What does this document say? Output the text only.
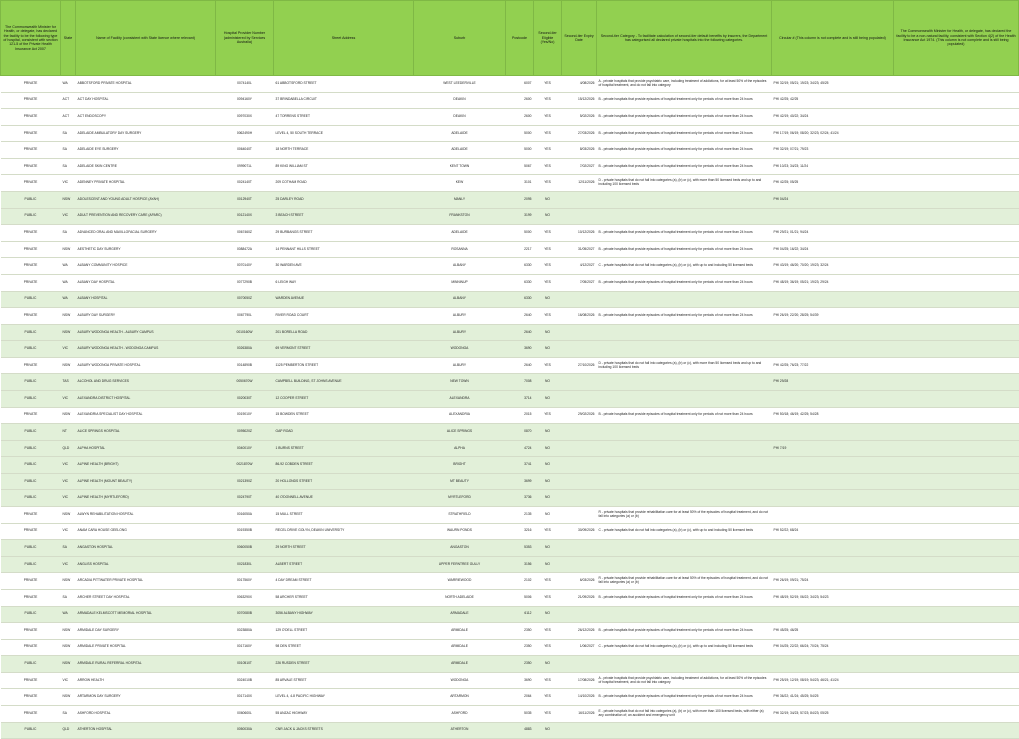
The Commonwealth Minister for Health, or delegate, has declared the facility to be the following type of hospital, consistent with section 121-5 of the Private Health Insurance Act 2007	State	Name of Facility (consistent with State licence where relevant)	Hospital Provider Number (administered by Services Australia)	Street Address	Suburb	Postcode	Second-tier Eligible (Yes/No)	Second-tier Expiry Date	Second-tier Category - To facilitate calculation of second-tier default benefits by insurers, the Department has categorised all declared private hospitals into the following categories.	Circular # (This column is not complete and is still being populated)	The Commonwealth Minister for Health, or delegate, has declared the facility to be a non-natural facility, consistent with Section 4(2) of the Health Insurance Act 1974. (This column is not complete and is still being populated)
PRIVATE	WA	ABBOTSFORD PRIVATE HOSPITAL	0074140L	61 ABBOTSFORD STREET	WEST LEEDERVILLE	6007	YES	4/08/2026	A - private hospitals that provide psychiatric care, including treatment of addictions, for at least 50% of the episodes of hospital treatment, and do not fall into category	PHI 32/19; 05/21; 19/23; 34/23; 45/25	
PRIVATE	ACT	ACT DAY HOSPITAL	0094160Y	37 BRINDABELLA CIRCUIT	DEAKIN	2600	YES	15/12/2026	B - private hospitals that provide episodes of hospital treatment only for periods of not more than 24 hours	PHI 42/25; 42/25	
PRIVATE	ACT	ACT ENDOSCOPY	0097030X	47 TORRENS STREET	DEAKIN	2600	YES	5/02/2026	B - private hospitals that provide episodes of hospital treatment only for periods of not more than 24 hours	PHI 42/19; 40/22; 34/24	
PRIVATE	SA	ADELAIDE AMBULATORY DAY SURGERY	0062490H	LEVEL 4, 50 SOUTH TERRACE	ADELAIDE	5000	YES	27/03/2026	B - private hospitals that provide episodes of hospital treatment only for periods of not more than 24 hours	PHI 17/19; 06/19; 08/20; 32/23; 02/24; 41/24	
PRIVATE	SA	ADELAIDE EYE SURGERY	0064040T	18 NORTH TERRACE	ADELAIDE	5000	YES	8/03/2026	B - private hospitals that provide episodes of hospital treatment only for periods of not more than 24 hours	PHI 32/19; 07/21; 79/23	
PRIVATE	SA	ADELAIDE SKIN CENTRE	0999071L	89 KING WILLIAM ST	KENT TOWN	5067	YES	7/02/2027	B - private hospitals that provide episodes of hospital treatment only for periods of not more than 24 hours	PHI 10/23; 34/23; 11/24	
PRIVATE	VIC	ADENNEY PRIVATE HOSPITAL	0024140T	209 COTHAM ROAD	KEW	3101	YES	12/11/2026	D - private hospitals that do not fall into categories (a), (b) or (c), with more than 50 licensed beds and up to and including 100 licensed beds	PHI 42/25; 05/25	
PUBLIC	NSW	ADOLESCENT AND YOUNG ADULT HOSPICE (AYAH)	0012940T	25 DARLEY ROAD	MANLY	2095	NO			PHI 04/24	
PUBLIC	VIC	ADULT PREVENTION AND RECOVERY CARE (APARC)	0012140X	3 BEACH STREET	FRANKSTON	3199	NO				
PRIVATE	SA	ADVANCED ORAL AND MAXILLOFACIAL SURGERY	0067460Z	29 BURBANGS STREET	ADELAIDE	5000	YES	10/12/2026	B - private hospitals that provide episodes of hospital treatment only for periods of not more than 24 hours	PHI 29/21; 01/21; 94/24	
PRIVATE	NSW	AESTHETIC DAY SURGERY	0088472A	14 PENNANT HILLS STREET	ROSANNA	2217	YES	31/05/2027	B - private hospitals that provide episodes of hospital treatment only for periods of not more than 24 hours	PHI 04/25; 16/22; 34/24	
PRIVATE	WA	ALBANY COMMUNITY HOSPICE	0070140Y	30 WARDEN AVE	ALBANY	6330	YES	4/12/2027	C - private hospitals that do not fall into categories (a), (b) or (c), with up to and including 50 licensed beds	PHI 43/19; 46/20; 70/20; 19/23; 32/24	
PRIVATE	WA	ALBANY DAY HOSPITAL	0077290B	6 LEIGH WAY	MINNINUP	6330	YES	7/05/2027	B - private hospitals that provide episodes of hospital treatment only for periods of not more than 24 hours	PHI 48/19; 36/19; 05/21; 19/23; 29/24	
PUBLIC	WA	ALBANY HOSPITAL	0070050Z	WARDEN AVENUE	ALBANY	6330	NO				
PRIVATE	NSW	ALBURY DAY SURGERY	0067790L	RIVER ROAD COURT	ALBURY	2640	YES	16/08/2026	B - private hospitals that provide episodes of hospital treatment only for periods of not more than 24 hours	PHI 26/19; 22/20; 28/25; 54/39	
PUBLIC	NSW	ALBURY WODONGA HEALTH - ALBURY CAMPUS	0010160W	201 BORELLA ROAD	ALBURY	2640	NO				
PUBLIC	VIC	ALBURY WODONGA HEALTH - WODONGA CAMPUS	0026380A	69 VERMONT STREET	WODONGA	3690	NO				
PRIVATE	NSW	ALBURY WODONGA PRIVATE HOSPITAL	0014890B	1125 PEMBERTON STREET	ALBURY	2640	YES	27/10/2026	D - private hospitals that do not fall into categories (a), (b) or (c), with more than 50 licensed beds and up to and including 100 licensed beds	PHI 42/25; 76/23; 77/22	
PUBLIC	TAS	ALCOHOL AND DRUG SERVICES	0050670W	CAMPBELL BUILDING, ST JOHNS AVENUE	NEW TOWN	7008	NO			PHI 29/28	
PUBLIC	VIC	ALEXANDRA DISTRICT HOSPITAL	0020030T	12 COOPER STREET	ALEXANDRA	3714	NO				
PRIVATE	NSW	ALEXANDRIA SPECIALIST DAY HOSPITAL	0019010Y	15 BOWDEN STREET	ALEXANDRIA	2015	YES	29/02/2026	B - private hospitals that provide episodes of hospital treatment only for periods of not more than 24 hours	PHI 50/18; 46/19; 42/25; 54/28	
PUBLIC	NT	ALICE SPRINGS HOSPITAL	0095020Z	GAP ROAD	ALICE SPRINGS	0870	NO				
PUBLIC	QLD	ALPHA HOSPITAL	0040010Y	1 BURNS STREET	ALPHA	4724	NO			PHI 7/19	
PUBLIC	VIC	ALPINE HEALTH (BRIGHT)	0021870W	86-92 COBDEN STREET	BRIGHT	3741	NO				
PUBLIC	VIC	ALPINE HEALTH (MOUNT BEAUTY)	0021390Z	20 HOLLONDS STREET	MT BEAUTY	3699	NO				
PUBLIC	VIC	ALPINE HEALTH (MYRTLEFORD)	0024790T	40 O'DONNELL AVENUE	MYRTLEFORD	3736	NO				
PRIVATE	NSW	ALWYN REHABILITATION HOSPITAL	0016050A	15 MULL STREET	STRATHFIELD	2135	NO		R - private hospitals that provide rehabilitation care for at least 50% of the episodes of hospital treatment, and do not fall into categories (a) or (b)		
PRIVATE	VIC	ANAM CARA HOUSE GEELONG	0019350B	RECEL DRIVE GOLYN, DEAKIN UNIVERSITY	WAURN PONDS	3216	YES	30/09/2026	C - private hospitals that do not fall into categories (a), (b) or (c), with up to and including 50 licensed beds	PHI 52/22; 68/24	
PUBLIC	SA	ANGASTON HOSPITAL	0060050B	29 NORTH STREET	ANGASTON	5353	NO				
PUBLIC	VIC	ANGLISS HOSPITAL	0021830L	ALBERT STREET	UPPER FERNTREE GULLY	3156	NO				
PRIVATE	NSW	ARCADIA PITTWATER PRIVATE HOSPITAL	0017560Y	4 DAY DREAM STREET	WARRIEWOOD	2102	YES	6/03/2026	R - private hospitals that provide rehabilitation care for at least 50% of the episodes of hospital treatment, and do not fall into categories (a) or (b)	PHI 26/19; 09/21; 75/24	
PRIVATE	SA	ARCHER STREET DAY HOSPITAL	0063290X	58 ARCHER STREET	NORTH ADELAIDE	5006	YES	21/09/2026	B - private hospitals that provide episodes of hospital treatment only for periods of not more than 24 hours	PHI 48/19; 52/19; 06/22; 34/23; 54/23	
PUBLIC	WA	ARMADALE KELMSCOTT MEMORIAL HOSPITAL	0070080B	3056 ALBANY HIGHWAY	ARMADALE	6112	NO				
PRIVATE	NSW	ARMIDALE DAY SURGERY	0023880A	129 O'DELL STREET	ARMIDALE	2350	YES	26/12/2026	B - private hospitals that provide episodes of hospital treatment only for periods of not more than 24 hours	PHI 45/25; 46/25	
PRIVATE	NSW	ARMIDALE PRIVATE HOSPITAL	0017160Y	98 DEN STREET	ARMIDALE	2350	YES	1/06/2027	C - private hospitals that do not fall into categories (a), (b) or (c), with up to and including 50 licensed beds	PHI 04/25; 22/22; 66/24; 70/24; 75/24	
PUBLIC	NSW	ARMIDALE RURAL REFERRAL HOSPITAL	0010510T	226 RUSDEN STREET	ARMIDALE	2350	NO				
PRIVATE	VIC	ARROW HEALTH	0024010B	85 ARVALE STREET	WODONGA	3690	YES	17/08/2026	A - private hospitals that provide psychiatric care, including treatment of addictions, for at least 50% of the episodes of hospital treatment, and do not fall into category	PHI 25/19; 12/19; 08/19; 54/23; 46/21; 41/24	
PRIVATE	NSW	ARTARMON DAY SURGERY	0017140X	LEVEL 4, 4-8 PACIFIC HIGHWAY	ARTARMON	2064	YES	14/10/2026	B - private hospitals that provide episodes of hospital treatment only for periods of not more than 24 hours	PHI 36/22; 41/24; 45/25; 54/25	
PRIVATE	SA	ASHFORD HOSPITAL	0060600L	55 ANZAC HIGHWAY	ASHFORD	5035	YES	16/11/2026	E - private hospitals that do not fall into categories (a), (b) or (c), with more than 100 licensed beds, with either (a) any combination of; an accident and emergency unit	PHI 32/19; 34/23; 57/23; 84/23; 05/25	
PUBLIC	QLD	ATHERTON HOSPITAL	0050030A	CNR JACK & JACKS STREETS	ATHERTON	4883	NO				
